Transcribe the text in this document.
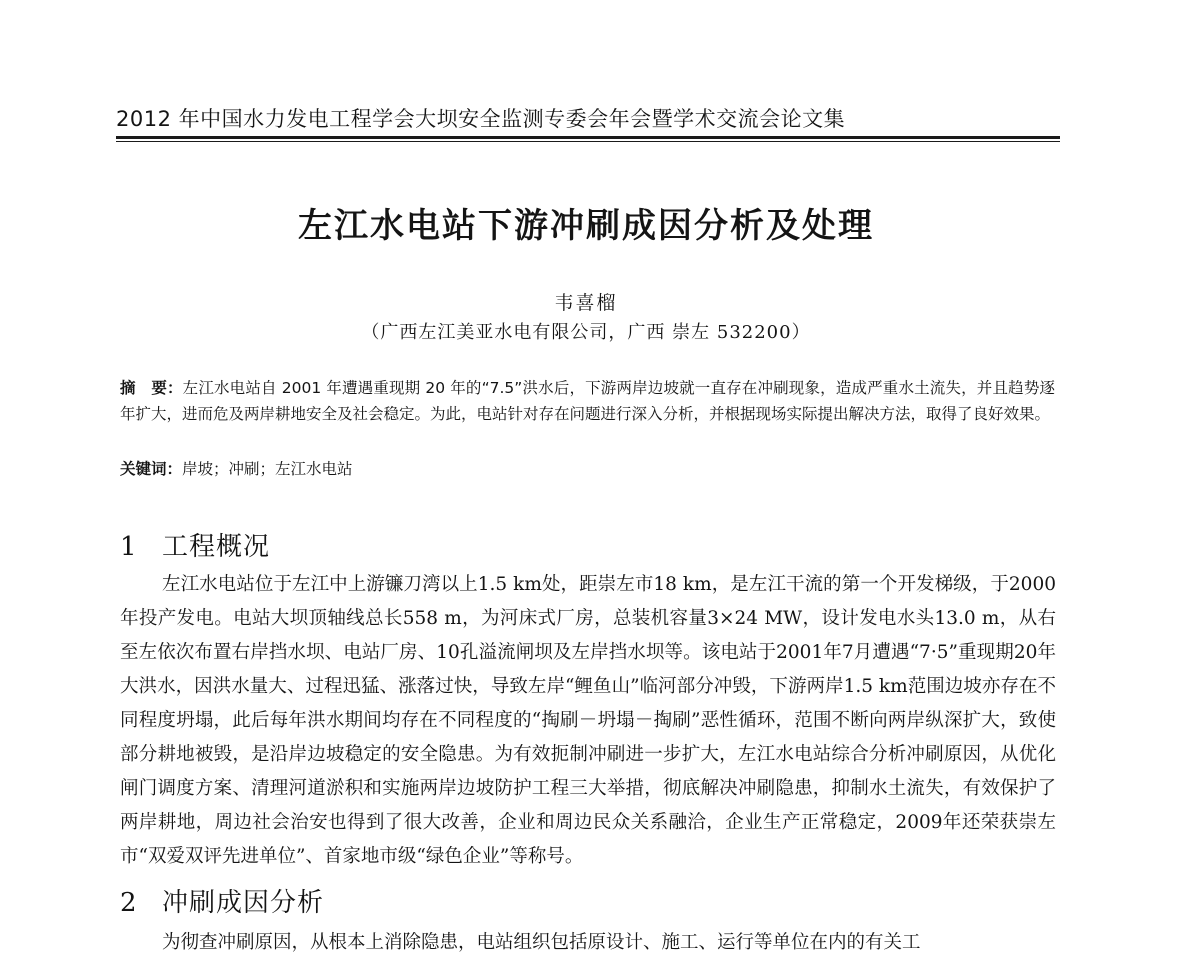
2012 年中国水力发电工程学会大坝安全监测专委会年会暨学术交流会论文集
左江水电站下游冲刷成因分析及处理
韦喜榴
（广西左江美亚水电有限公司，广西 崇左 532200）
摘　要：左江水电站自 2001 年遭遇重现期 20 年的“7.5”洪水后，下游两岸边坡就一直存在冲刷现象，造成严重水土流失，并且趋势逐年扩大，进而危及两岸耕地安全及社会稳定。为此，电站针对存在问题进行深入分析，并根据现场实际提出解决方法，取得了良好效果。
关键词：岸坡；冲刷；左江水电站
1 工程概况
左江水电站位于左江中上游镰刀湾以上1.5 km处，距崇左市18 km，是左江干流的第一个开发梯级，于2000年投产发电。电站大坝顶轴线总长558 m，为河床式厂房，总装机容量3×24 MW，设计发电水头13.0 m，从右至左依次布置右岸挡水坝、电站厂房、10孔溢流闸坝及左岸挡水坝等。该电站于2001年7月遭遇“7·5”重现期20年大洪水，因洪水量大、过程迅猛、涨落过快，导致左岸“鲤鱼山”临河部分冲毁，下游两岸1.5 km范围边坡亦存在不同程度坍塌，此后每年洪水期间均存在不同程度的“掏刷－坍塌－掏刷”恶性循环，范围不断向两岸纵深扩大，致使部分耕地被毁，是沿岸边坡稳定的安全隐患。为有效扼制冲刷进一步扩大，左江水电站综合分析冲刷原因，从优化闸门调度方案、清理河道淤积和实施两岸边坡防护工程三大举措，彻底解决冲刷隐患，抑制水土流失，有效保护了两岸耕地，周边社会治安也得到了很大改善，企业和周边民众关系融洽，企业生产正常稳定，2009年还荣获崇左市“双爱双评先进单位”、首家地市级“绿色企业”等称号。
2 冲刷成因分析
为彻查冲刷原因，从根本上消除隐患，电站组织包括原设计、施工、运行等单位在内的有关工
